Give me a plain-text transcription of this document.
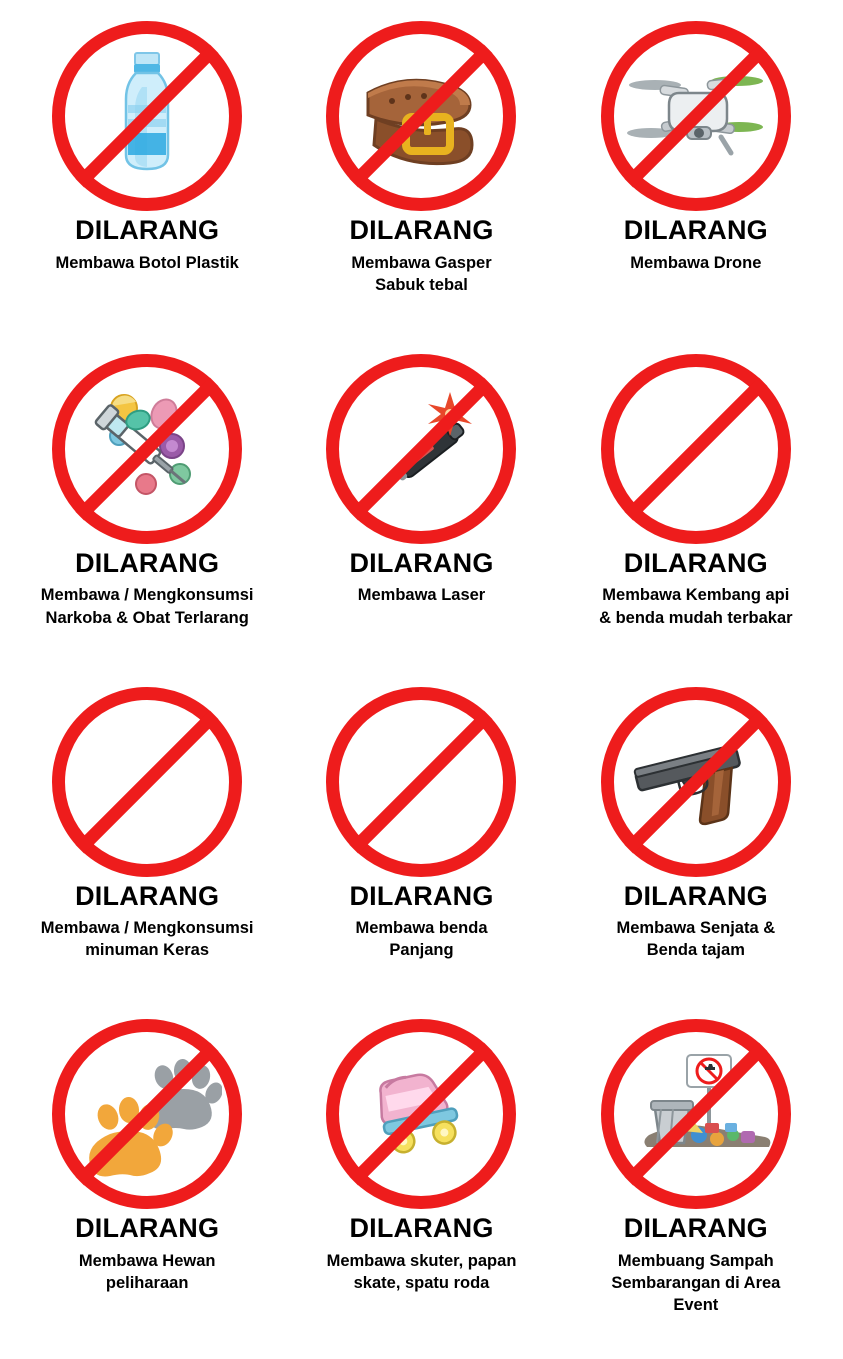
DILARANG
Membawa Botol Plastik
DILARANG
Membawa Gasper
Sabuk tebal
DILARANG
Membawa Drone
DILARANG
Membawa / Mengkonsumsi
Narkoba & Obat Terlarang
DILARANG
Membawa Laser
DILARANG
Membawa Kembang api
& benda mudah terbakar
DILARANG
Membawa / Mengkonsumsi
minuman Keras
DILARANG
Membawa benda
Panjang
DILARANG
Membawa Senjata &
Benda tajam
DILARANG
Membawa Hewan
peliharaan
DILARANG
Membawa skuter, papan
skate, spatu roda
DILARANG
Membuang Sampah
Sembarangan di Area
Event
